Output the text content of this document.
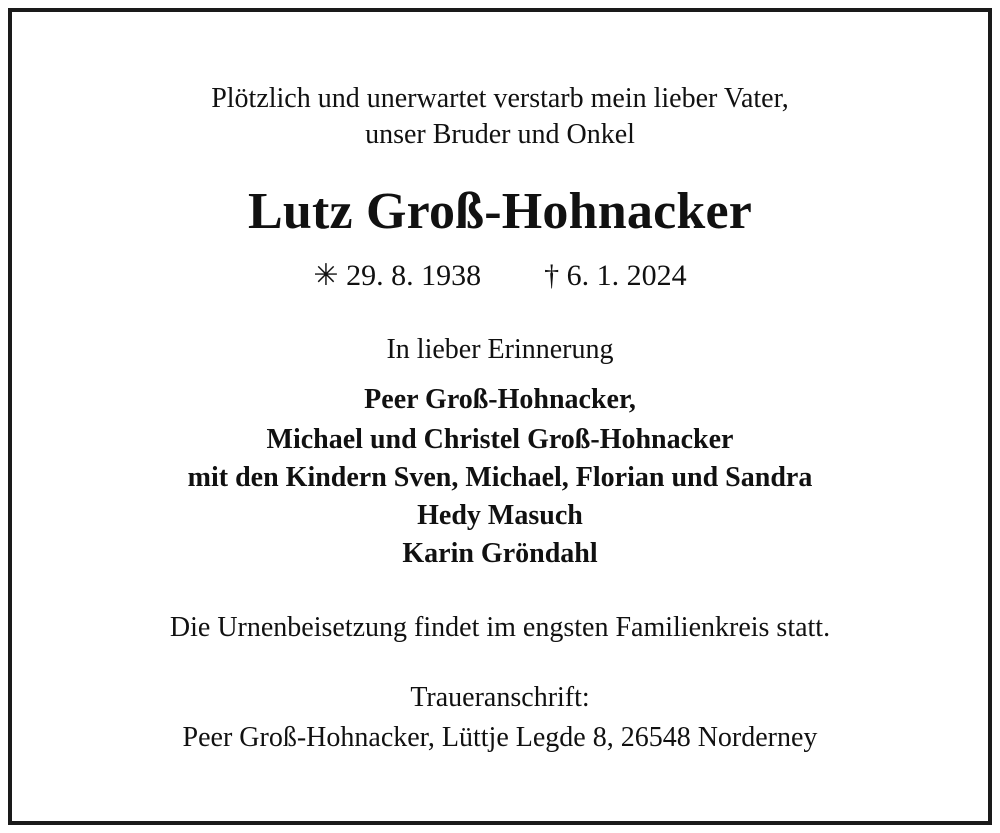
Plötzlich und unerwartet verstarb mein lieber Vater,
unser Bruder und Onkel
Lutz Groß-Hohnacker
✳ 29. 8. 1938 † 6. 1. 2024
In lieber Erinnerung
Peer Groß-Hohnacker,
Michael und Christel Groß-Hohnacker
mit den Kindern Sven, Michael, Florian und Sandra
Hedy Masuch
Karin Gröndahl
Die Urnenbeisetzung findet im engsten Familienkreis statt.
Traueranschrift:
Peer Groß-Hohnacker, Lüttje Legde 8, 26548 Norderney
